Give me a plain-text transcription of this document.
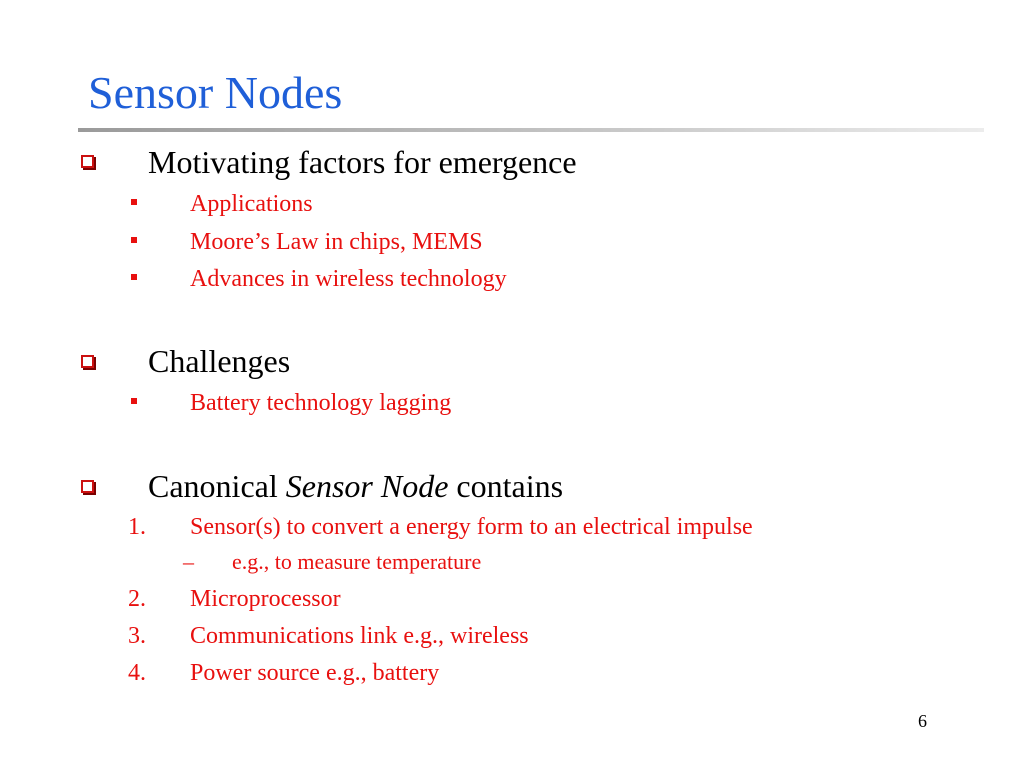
Sensor Nodes
Motivating factors for emergence
Applications
Moore’s Law in chips, MEMS
Advances in wireless technology
Challenges
Battery technology lagging
Canonical Sensor Node contains
1. Sensor(s) to convert a energy form to an electrical impulse
– e.g., to measure temperature
2. Microprocessor
3. Communications link e.g., wireless
4. Power source e.g., battery
6
